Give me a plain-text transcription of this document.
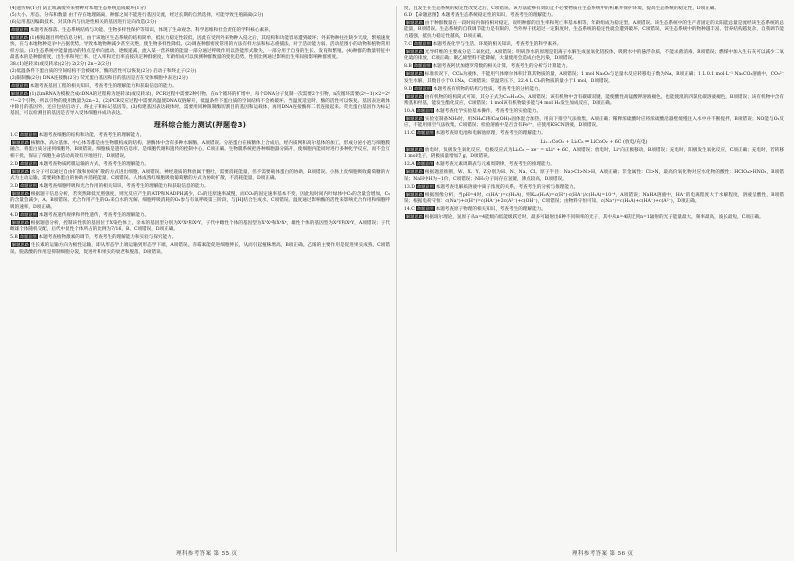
(4)遗传病(1分) 防止或减缓外来物种对本地生态系统造成破坏(1分)

(5)大小、形态、分布和数量 由于存在地理隔离，种群之间不能进行基因交流，经过长期的自然选择，可能导致生殖隔离(2分)

(6)运用基因编辑技术，对其体内与抗逆性相关的基因进行定向改造(2分)

命题意图 本题考查群落、生态系统结构与功能、生物多样性保护等知识，体现了生命观念、科学思维和社会责任的学科核心素养。

解题思路 (1)根据题目所给信息分析，由于该地区生态系统的结构简单，抵抗力稳定性较低，因此在受到外来物种入侵之后，其结构和功能容易遭到破坏；外来物种往往缺少天敌，繁殖速度快，在与本地物种竞争中占据优势，导致本地物种减少甚至灭绝，使生物多样性降低。(2)调查种群密度常用的方法有样方法和标志重捕法，对于活动能力弱、活动范围小的动物和植物常用样方法。(3)生态系统中能量流动的特点是单向流动、逐级递减，流入某一营养级的能量一部分通过呼吸作用以热能形式散失，一部分用于自身的生长、发育和繁殖。(4)种群的数量特征中最基本的是种群密度，出生率和死亡率、迁入率和迁出率直接决定种群密度，年龄组成可以预测种群数量的变化趋势，性别比例通过影响出生率间接影响种群密度。

38.(1)逆转录(或反转录)(2分) 2(2分) 2n−2(2分)

(2)低温条件下蛋白质的空间结构不会被破坏，酶的活性可以恢复(2分) 启动子和终止子(2分)

(3)限制酶(2分) DNA连接酶(2分) 荧光蛋白基因和目的基因是否在受体细胞中表达(2分)

命题意图 本题考查基因工程的相关知识，考查考生的理解能力和获取信息的能力。

解题思路 (1)以mRNA为模板合成cDNA的过程称为逆转录(或反转录)，PCR过程中需要2种引物，在n个循环的扩增中，每个DNA分子复制一次需要2个引物，n次循环需要(2ⁿ−1)×2=2ⁿ⁺¹−2个引物，所以引物的使用数量为2n−2。(2)PCR反应过程中需要高温使DNA双链解开，低温条件下蛋白质的空间结构不会被破坏，当温度适宜时，酶的活性可以恢复。基因表达载体中除目的基因外，还应包括启动子、终止子和标记基因等。(3)构建基因表达载体时，需要用同种限制酶切割目的基因和运载体，再用DNA连接酶将二者连接起来。荧光蛋白基因作为标记基因，可以检测目的基因是否导入受体细胞并成功表达。

理科综合能力测试(押题卷3)

1.C 命题意图 本题考查细胞的结构和功能，考查考生的理解能力。

解题思路 核糖体、高尔基体、中心体等都是由生物膜构成的结构，溶酶体中含有多种水解酶，A项错误。分泌蛋白在核糖体上合成后，经内质网和高尔基体的加工，形成分泌小泡与细胞膜融合，将蛋白质分泌到细胞外，B项错误。细胞核是遗传信息库，是细胞代谢和遗传的控制中心，C项正确。生物膜系统把各种细胞器分隔开，使细胞内能同时进行多种化学反应，而不会互相干扰，保证了细胞生命活动高效有序地进行，D项错误。

2.D 命题意图 本题考查物质跨膜运输的方式，考查考生的理解能力。

解题思路 水分子可以通过自由扩散和协助扩散的方式进出细胞，A项错误。神经递质的释放属于胞吐，需要消耗能量，但不需要载体蛋白的协助，B项错误。小肠上皮细胞吸收葡萄糖的方式为主动运输，需要载体蛋白的协助并消耗能量，C项错误。人体成熟红细胞吸收葡萄糖的方式为协助扩散，不消耗能量，D项正确。

3.D 命题意图 本题考查细胞呼吸和光合作用的相关知识，考查考生的理解能力和获取信息的能力。

解题思路 根据题干信息分析，若突然降低光照强度，则光反应产生的ATP和NADPH减少，C₃的还原速率减慢，而CO₂的固定速率基本不变，因此短时间内叶绿体中C₃的含量会增加，C₅的含量会减少，A、B项错误。光合作用产生的O₂来自水的光解，细胞呼吸消耗的O₂参与有氧呼吸第三阶段，与[H]结合生成水，C项错误。温度通过影响酶的活性来影响光合作用和细胞呼吸的速率，D项正确。

4.D 命题意图 本题考查遗传规律和伴性遗传，考查考生的理解能力。

解题思路 根据题意分析，控制该性状的基因位于X染色体上，亲本的基因型分别为XᴬXᵃ和XᵃY，子代中雌性个体的基因型为XᴬXᵃ和XᵃXᵃ，雄性个体的基因型为XᴬY和XᵃY，A项错误；子代雌雄个体随机交配，后代中显性个体所占的比例为7/16，B、C项错误，D项正确。

5.B 命题意图 本题考查植物激素的调节，考查考生的理解能力和实验与探究能力。

解题思路 生长素的运输方向为极性运输，即从形态学上端运输到形态学下端，A项错误。赤霉素能促进细胞伸长，从而引起植株增高，B项正确。乙烯的主要作用是促进果实成熟，C项错误。脱落酸的作用是抑制细胞分裂，促进叶和果实的衰老和脱落，D项错误。

度，且发生在生态系统的稳定性改变之后，C项错误。该方法能够有效防止不必要物质在生态系统中的积累并保护环境，提高生态系统的稳定性，D项正确。

6.D 【命题意图】本题考查生态系统稳定性的知识，考查考生的理解能力。

解题思路 由于种群数量在一段时间内保持相对稳定，说明种群的出生率和死亡率基本相等，年龄组成为稳定型，A项错误。该生态系统中的生产者固定的太阳能总量是流经该生态系统的总能量，B项错误。生态系统的自我调节能力是有限的，当外界干扰超过一定限度时，生态系统的稳定性就会遭到破坏，C项错误。该生态系统中的物种越丰富，营养结构越复杂，自我调节能力越强，抵抗力稳定性越高，D项正确。

7.C 命题意图 本题考查化学与生活、环境的相关知识，考查考生的科学素养。

解题思路 光导纤维的主要成分是二氧化硅，A项错误；明矾净水的原理是铝离子水解生成氢氧化铝胶体，吸附水中的悬浮杂质，不能杀菌消毒，B项错误；燃煤中加入生石灰可以减少二氧化硫的排放，C项正确；聚乙烯塑料不能降解，大量使用会造成白色污染，D项错误。

8.B 命题意图 本题考查阿伏加德罗常数的相关计算，考查考生的分析与计算能力。

解题思路 标准状况下，CCl₄为液体，不能用气体摩尔体积计算其物质的量，A项错误；1 mol Na₂O₂与足量水反应转移电子数为Nᴀ，B项正确；1 L 0.1 mol·L⁻¹ Na₂CO₃溶液中，CO₃²⁻发生水解，其数目小于0.1Nᴀ，C项错误；常温常压下，22.4 L Cl₂的物质的量小于1 mol，D项错误。

9.D 命题意图 本题考查有机物的结构与性质，考查考生的分析能力。

解题思路 由有机物的结构简式可知，其分子式为C₁₀H₁₂O₃，A项错误；该有机物中含有碳碳双键，能使酸性高锰酸钾溶液褪色，也能使溴的四氯化碳溶液褪色，B项错误；该有机物中含有羧基和羟基，能发生酯化反应，C项错误；1 mol该有机物最多能与4 mol H₂发生加成反应，D项正确。

10.A 命题意图 本题考查化学实验基本操作，考查考生的实验能力。

解题思路 实验室制备NH₃时，用NH₄Cl和Ca(OH)₂固体混合加热，用向下排空气法收集，A项正确；稀释浓硫酸时应将浓硫酸沿器壁缓慢注入水中并不断搅拌，B项错误；NO能与O₂反应，不能用排空气法收集，C项错误；检验溶液中是否含有Fe³⁺，应使用KSCN溶液，D项错误。

11.C 命题意图 本题考查原电池和电解池原理，考查考生的理解能力。

Li₁₋ₓCoO₂ + LiₓC₆ ⇌ LiCoO₂ + 6C (放电/充电)

解题思路 放电时，负极发生氧化反应，电极反应式为LiₓC₆ − xe⁻ = xLi⁺ + 6C，A项错误；放电时，Li⁺向正极移动，B项错误；充电时，阳极发生氧化反应，C项正确；充电时，若转移1 mol电子，阴极质量增加7 g，D项错误。

12.A 命题意图 本题考查元素周期表与元素周期律，考查考生的推理能力。

解题思路 根据题意推断，W、X、Y、Z分别为H、N、Na、Cl。原子半径：Na>Cl>N>H，A项正确；非金属性：Cl>N，最高价氧化物对应水化物的酸性：HClO₄>HNO₃，B项错误；NaH中H为−1价，C项错误；NH₃分子间存在氢键，沸点较高，D项错误。

13.D 命题意图 本题考查电解质溶液中离子浓度的关系，考查考生的分析与推理能力。

解题思路 根据图像分析，当pH=4时，c(HA⁻)=c(H₂A)，则Kₐ₁(H₂A)=c(H⁺)·c(HA⁻)/c(H₂A)=10⁻⁴，A项错误；NaHA溶液中，HA⁻的电离程度大于水解程度，溶液呈酸性，B项错误；根据电荷守恒：c(Na⁺)+c(H⁺)=c(HA⁻)+2c(A²⁻)+c(OH⁻)，C项错误；由物料守恒可知，c(Na⁺)=c(H₂A)+c(HA⁻)+c(A²⁻)，D项正确。

14.C 命题意图 本题考查原子物理的相关知识，考查考生的理解能力。

解题思路 根据玻尔理论，氢原子从n=4能级向低能级跃迁时，最多可辐射出6种不同频率的光子，其中从n=4跃迁到n=1辐射的光子能量最大，频率最高，波长最短，C项正确。

理科参考答案 第 55 页	理科参考答案 第 56 页
